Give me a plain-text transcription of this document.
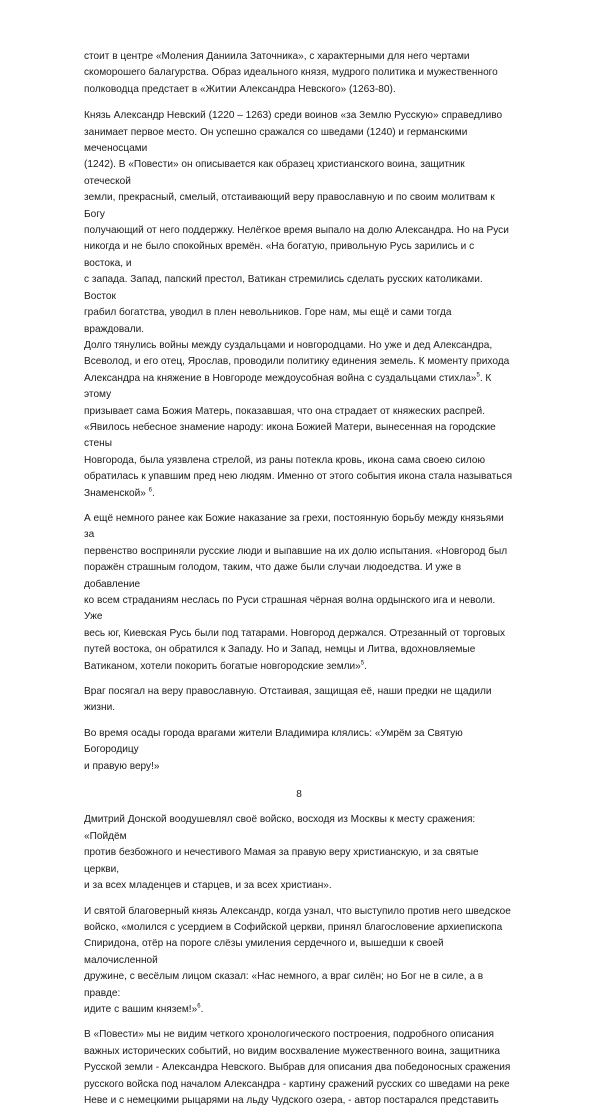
стоит в центре «Моления Даниила Заточника», с характерными для него чертами
скоморошего балагурства. Образ идеального князя, мудрого политика и мужественного
полководца предстает в «Житии Александра Невского» (1263-80).

Князь Александр Невский (1220 – 1263) среди воинов «за Землю Русскую» справедливо
занимает первое место. Он успешно сражался со шведами (1240) и германскими меченосцами
(1242). В «Повести» он описывается как образец христианского воина, защитник отечеcкой
земли, прекрасный, смелый, отстаивающий веру православную и по своим молитвам к Богу
получающий от него поддержку. Нелёгкое время выпало на долю Александра. Но на Руси
никогда и не было спокойных времён. «На богатую, привольную Русь зарились и с востока, и
с запада. Запад, папский престол, Ватикан стремились сделать русских католиками. Восток
грабил богатства, уводил в плен невольников. Горе нам, мы ещё и сами тогда враждовали.
Долго тянулись войны между суздальцами и новгородцами. Но уже и дед Александра,
Всеволод, и его отец, Ярослав, проводили политику единения земель. К моменту прихода
Александра на княжение в Новгороде междоусобная война с суздальцами стихла»$^5$. К этому
призывает сама Божия Матерь, показавшая, что она страдает от княжеских распрей.
«Явилось небесное знамение народу: икона Божией Матери, вынесенная на городские стены
Новгорода, была уязвлена стрелой, из раны потекла кровь, икона сама своею силою
обратилась к упавшим пред нею людям. Именно от этого события икона стала называться
Знаменской» $^6$.

А ещё немного ранее как Божие наказание за грехи, постоянную борьбу между князьями за
первенство восприняли русские люди и выпавшие на их долю испытания. «Новгород был
поражён страшным голодом, таким, что даже были случаи людоедства. И уже в добавление
ко всем страданиям неслась по Руси страшная чёрная волна ордынского ига и неволи. Уже
весь юг, Киевская Русь были под татарами. Новгород держался. Отрезанный от торговых
путей востока, он обратился к Западу. Но и Запад, немцы и Литва, вдохновляемые
Ватиканом, хотели покорить богатые новгородские земли»$^5$.

Враг посягал на веру православную. Отстаивая, защищая её, наши предки не щадили жизни.

Во время осады города врагами жители Владимира клялись: «Умрём за Святую Богородицу
и правую веру!»

8

Дмитрий Донской воодушевлял своё войско, восходя из Москвы к месту сражения: «Пойдём
против безбожного и нечестивого Мамая за правую веру христианскую, и за святые церкви,
и за всех младенцев и старцев, и за всех христиан».

И святой благоверный князь Александр, когда узнал, что выступило против него шведское
войско, «молился с усердием в Софийской церкви, принял благословение архиепископа
Спиридона, отёр на пороге слёзы умиления сердечного и, вышедши к своей малочисленной
дружине, с весёлым лицом сказал: «Нас немного, а враг силён; но Бог не в силе, а в правде:
идите с вашим князем!»$^6$.

В «Повести» мы не видим четкого хронологического построения, подробного описания
важных исторических событий, но видим восхваление мужественного воина, защитника
Русской земли - Александра Невского. Выбрав для описания два победоносных сражения
русского войска под началом Александра - картину сражений русских со шведами на реке
Неве и с немецкими рыцарями на льду Чудского озера, - автор постарался представить
